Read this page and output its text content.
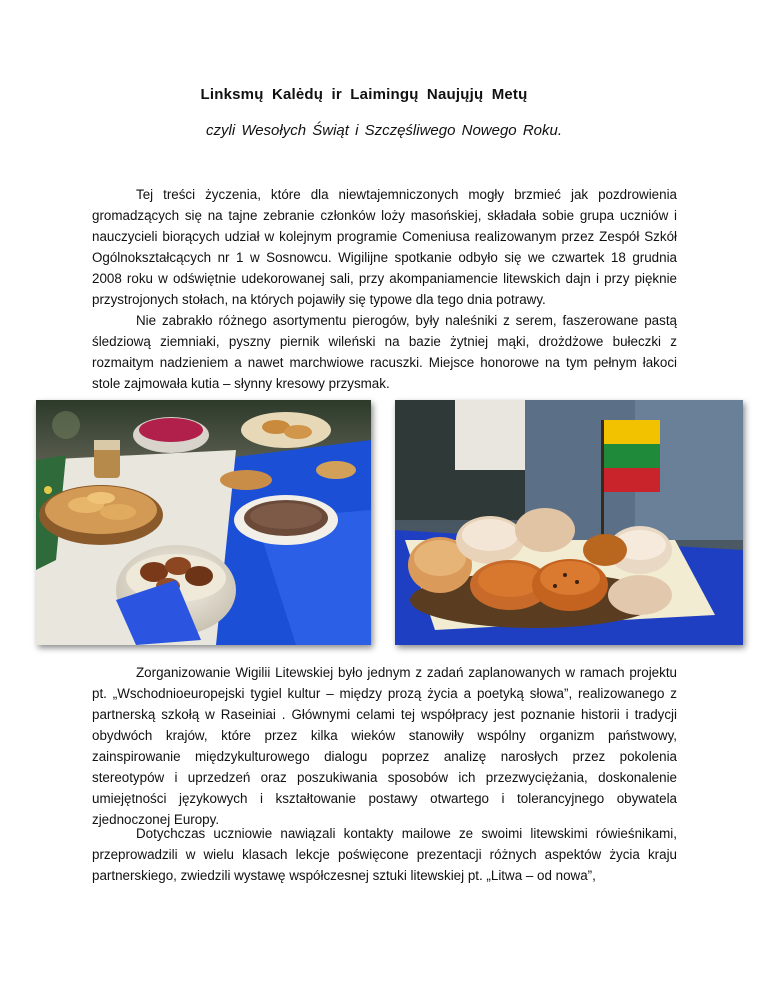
Linksmų Kalėdų ir Laimingų Naujųjų Metų
czyli Wesołych Świąt i Szczęśliwego Nowego Roku.
Tej treści życzenia, które dla niewtajemniczonych mogły brzmieć jak pozdrowienia gromadzących się na tajne zebranie członków loży masońskiej, składała sobie grupa uczniów i nauczycieli biorących udział w kolejnym programie Comeniusa realizowanym przez Zespół Szkół Ogólnokształcących nr 1 w Sosnowcu. Wigilijne spotkanie odbyło się we czwartek 18 grudnia 2008 roku w odświętnie udekorowanej sali, przy akompaniamencie litewskich dajn i przy pięknie przystrojonych stołach, na których pojawiły się typowe dla tego dnia potrawy.
Nie zabrakło różnego asortymentu pierogów, były naleśniki z serem, faszerowane pastą śledziową ziemniaki, pyszny piernik wileński na bazie żytniej mąki, drożdżowe bułeczki z rozmaitym nadzieniem a nawet marchwiowe racuszki. Miejsce honorowe na tym pełnym łakoci stole zajmowała kutia – słynny kresowy przysmak.
Zorganizowanie Wigilii Litewskiej było jednym z zadań zaplanowanych w ramach projektu pt. „Wschodnioeuropejski tygiel kultur – między prozą życia a poetyką słowa”, realizowanego z partnerską szkołą w Raseiniai . Głównymi celami tej współpracy jest poznanie historii i tradycji obydwóch krajów, które przez kilka wieków stanowiły wspólny organizm państwowy, zainspirowanie międzykulturowego dialogu poprzez analizę narosłych przez pokolenia stereotypów i uprzedzeń oraz poszukiwania sposobów ich przezwyciężania, doskonalenie umiejętności językowych i kształtowanie postawy otwartego i tolerancyjnego obywatela zjednoczonej Europy.
Dotychczas uczniowie nawiązali kontakty mailowe ze swoimi litewskimi rówieśnikami, przeprowadzili w wielu klasach lekcje poświęcone prezentacji różnych aspektów życia kraju partnerskiego, zwiedzili wystawę współczesnej sztuki litewskiej pt. „Litwa – od nowa”,
